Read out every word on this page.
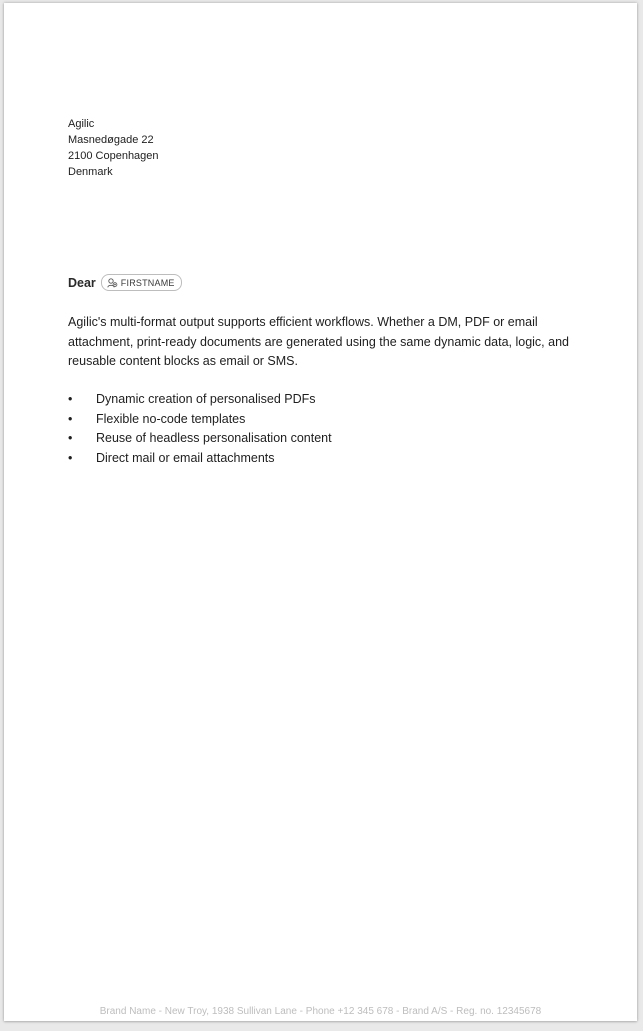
Agilic
Masnedøgade 22
2100 Copenhagen
Denmark
Dear	FIRSTNAME
Agilic's multi-format output supports efficient workflows. Whether a DM, PDF or email attachment, print-ready documents are generated using the same dynamic data, logic, and reusable content blocks as email or SMS.
• Dynamic creation of personalised PDFs
• Flexible no-code templates
• Reuse of headless personalisation content
• Direct mail or email attachments
Brand Name - New Troy, 1938 Sullivan Lane - Phone +12 345 678 - Brand A/S - Reg. no. 12345678
